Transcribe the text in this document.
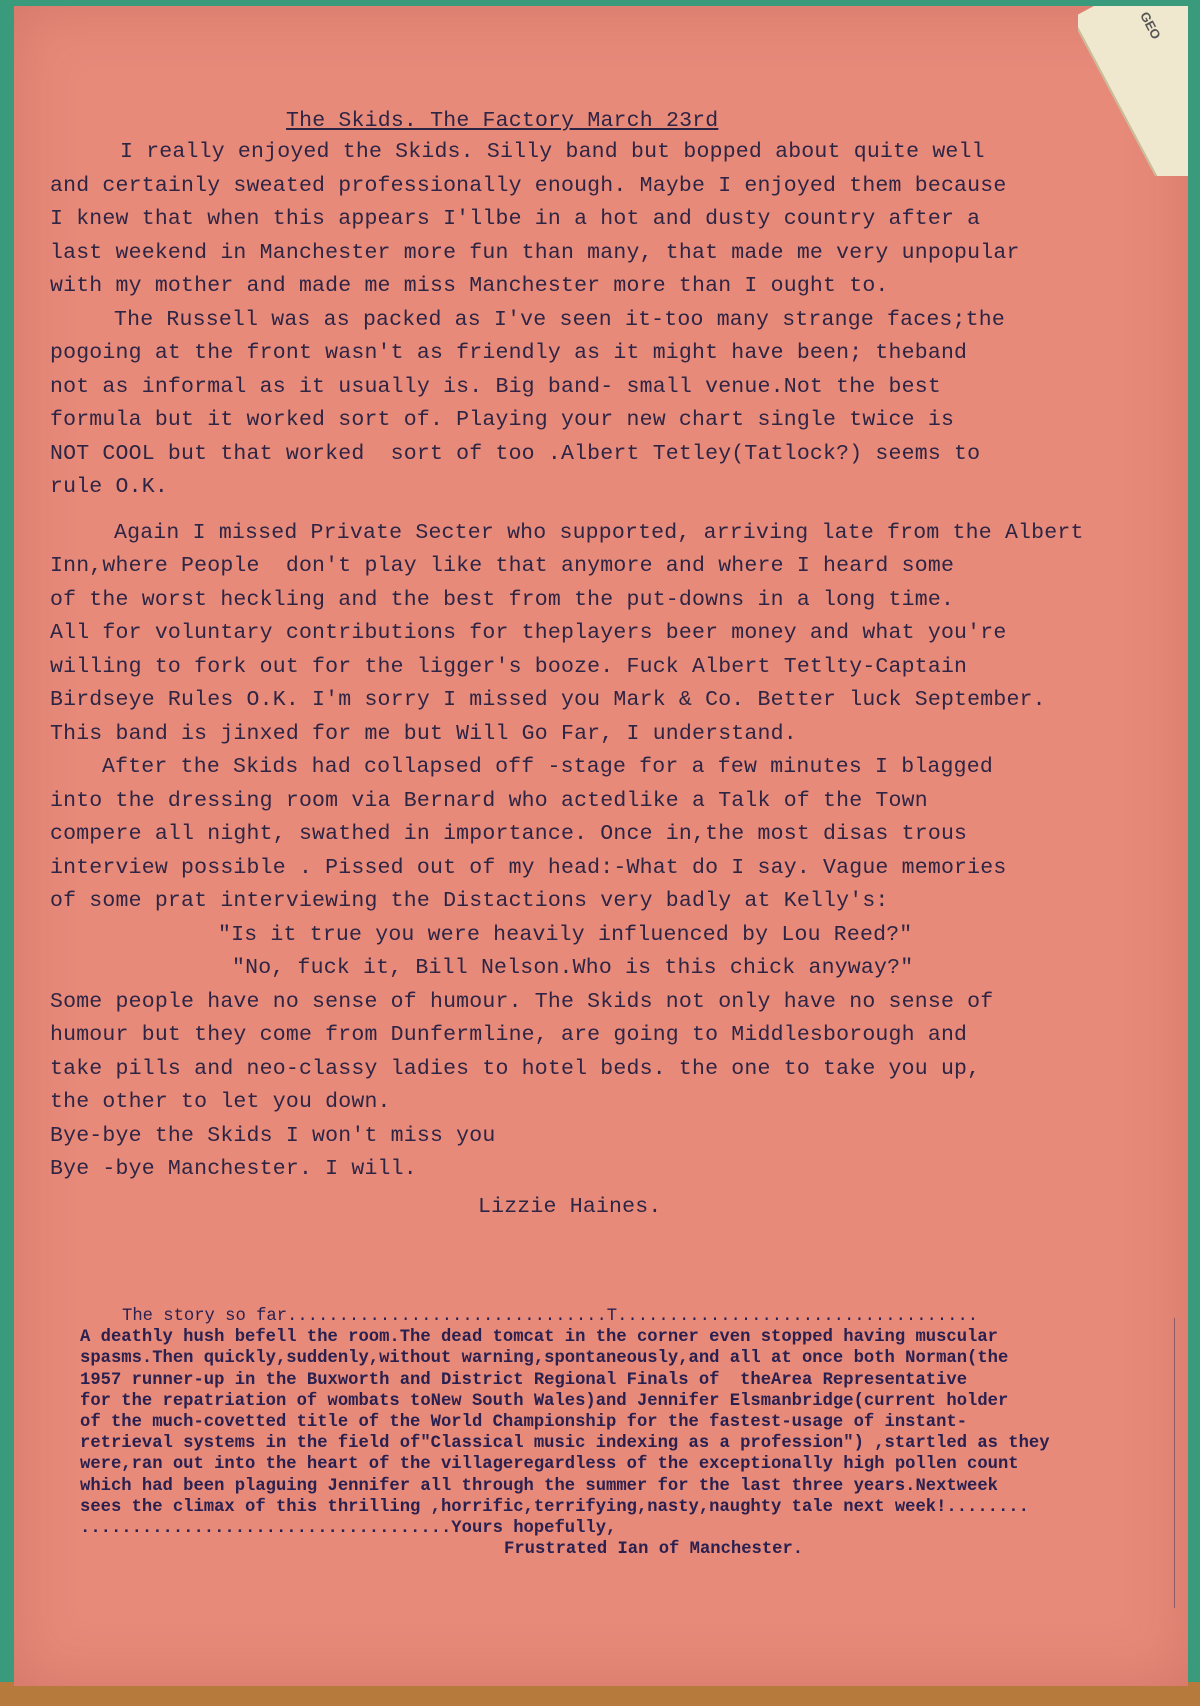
GEO
The Skids. The Factory March 23rd

I really enjoyed the Skids. Silly band but bopped about quite well

and certainly sweated professionally enough. Maybe I enjoyed them because

I knew that when this appears I'llbe in a hot and dusty country after a

last weekend in Manchester more fun than many, that made me very unpopular

with my mother and made me miss Manchester more than I ought to.

The Russell was as packed as I've seen it-too many strange faces;the

pogoing at the front wasn't as friendly as it might have been; theband

not as informal as it usually is. Big band- small venue.Not the best

formula but it worked sort of. Playing your new chart single twice is

NOT COOL but that worked  sort of too .Albert Tetley(Tatlock?) seems to

rule O.K.

Again I missed Private Secter who supported, arriving late from the Albert

Inn,where People  don't play like that anymore and where I heard some

of the worst heckling and the best from the put-downs in a long time.

All for voluntary contributions for theplayers beer money and what you're

willing to fork out for the ligger's booze. Fuck Albert Tetlty-Captain

Birdseye Rules O.K. I'm sorry I missed you Mark & Co. Better luck September.

This band is jinxed for me but Will Go Far, I understand.

After the Skids had collapsed off -stage for a few minutes I blagged

into the dressing room via Bernard who actedlike a Talk of the Town

compere all night, swathed in importance. Once in,the most disas trous

interview possible . Pissed out of my head:-What do I say. Vague memories

of some prat interviewing the Distactions very badly at Kelly's:

"Is it true you were heavily influenced by Lou Reed?"

"No, fuck it, Bill Nelson.Who is this chick anyway?"

Some people have no sense of humour. The Skids not only have no sense of

humour but they come from Dunfermline, are going to Middlesborough and

take pills and neo-classy ladies to hotel beds. the one to take you up,

the other to let you down.

Bye-bye the Skids I won't miss you

Bye -bye Manchester. I will.

Lizzie Haines.

The story so far...............................T...................................

A deathly hush befell the room.The dead tomcat in the corner even stopped having muscular

spasms.Then quickly,suddenly,without warning,spontaneously,and all at once both Norman(the

1957 runner-up in the Buxworth and District Regional Finals of  theArea Representative

for the repatriation of wombats toNew South Wales)and Jennifer Elsmanbridge(current holder

of the much-covetted title of the World Championship for the fastest-usage of instant-

retrieval systems in the field of"Classical music indexing as a profession") ,startled as they

were,ran out into the heart of the villageregardless of the exceptionally high pollen count

which had been plaguing Jennifer all through the summer for the last three years.Nextweek

sees the climax of this thrilling ,horrific,terrifying,nasty,naughty tale next week!........

....................................Yours hopefully,

Frustrated Ian of Manchester.
